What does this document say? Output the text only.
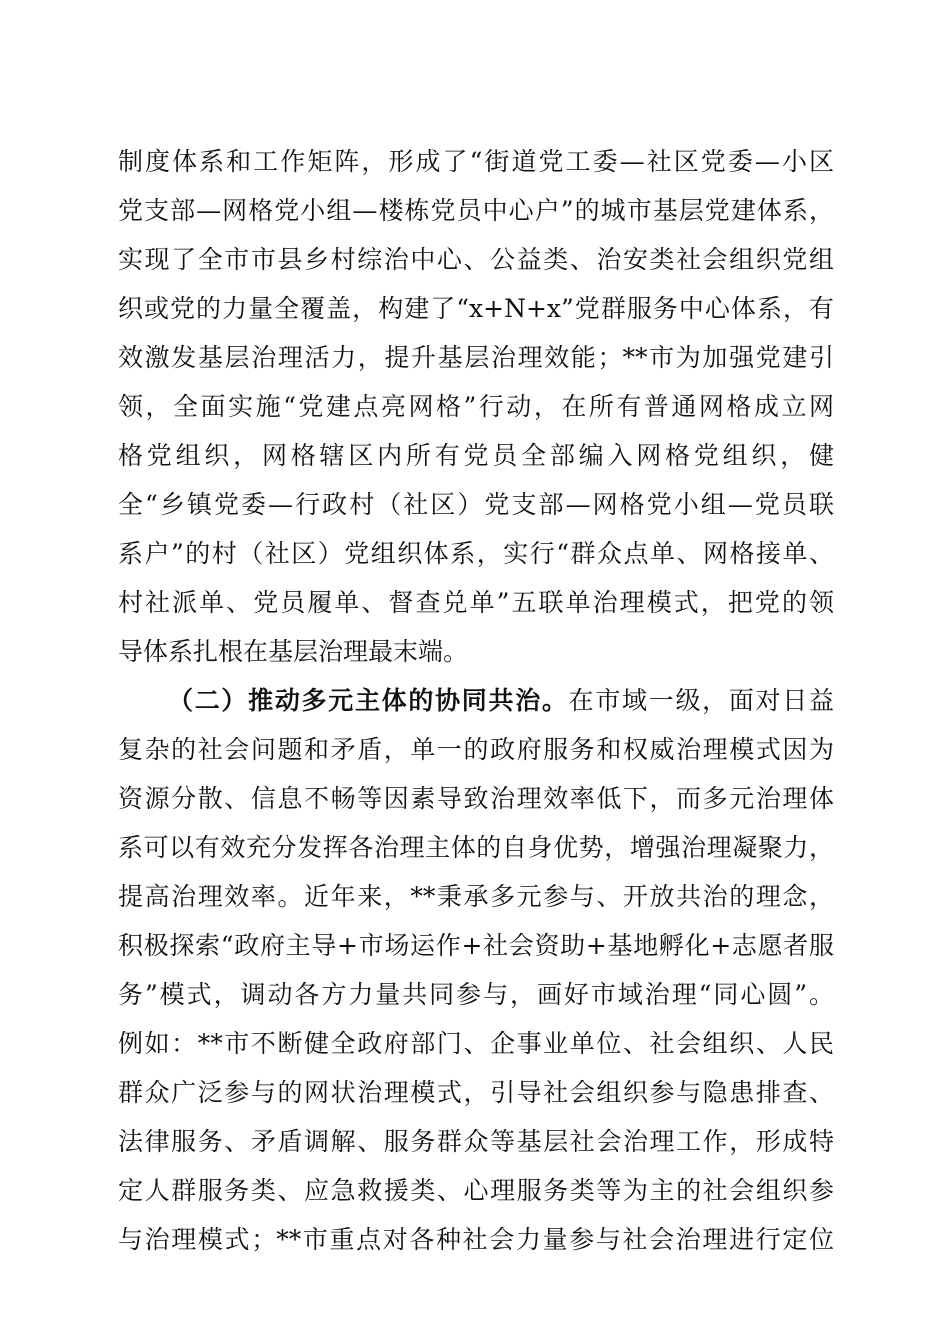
制度体系和工作矩阵，形成了“街道党工委—社区党委—小区
党支部—网格党小组—楼栋党员中心户”的城市基层党建体系，
实现了全市市县乡村综治中心、公益类、治安类社会组织党组
织或党的力量全覆盖，构建了“x+N+x”党群服务中心体系，有
效激发基层治理活力，提升基层治理效能；**市为加强党建引
领，全面实施“党建点亮网格”行动，在所有普通网格成立网
格党组织，网格辖区内所有党员全部编入网格党组织，健
全“乡镇党委—行政村（社区）党支部—网格党小组—党员联
系户”的村（社区）党组织体系，实行“群众点单、网格接单、
村社派单、党员履单、督查兑单”五联单治理模式，把党的领
导体系扎根在基层治理最末端。
（二）推动多元主体的协同共治。在市域一级，面对日益
复杂的社会问题和矛盾，单一的政府服务和权威治理模式因为
资源分散、信息不畅等因素导致治理效率低下，而多元治理体
系可以有效充分发挥各治理主体的自身优势，增强治理凝聚力，
提高治理效率。近年来，**秉承多元参与、开放共治的理念，
积极探索“政府主导+市场运作+社会资助+基地孵化+志愿者服
务”模式，调动各方力量共同参与，画好市域治理“同心圆”。
例如：**市不断健全政府部门、企事业单位、社会组织、人民
群众广泛参与的网状治理模式，引导社会组织参与隐患排查、
法律服务、矛盾调解、服务群众等基层社会治理工作，形成特
定人群服务类、应急救援类、心理服务类等为主的社会组织参
与治理模式；**市重点对各种社会力量参与社会治理进行定位
